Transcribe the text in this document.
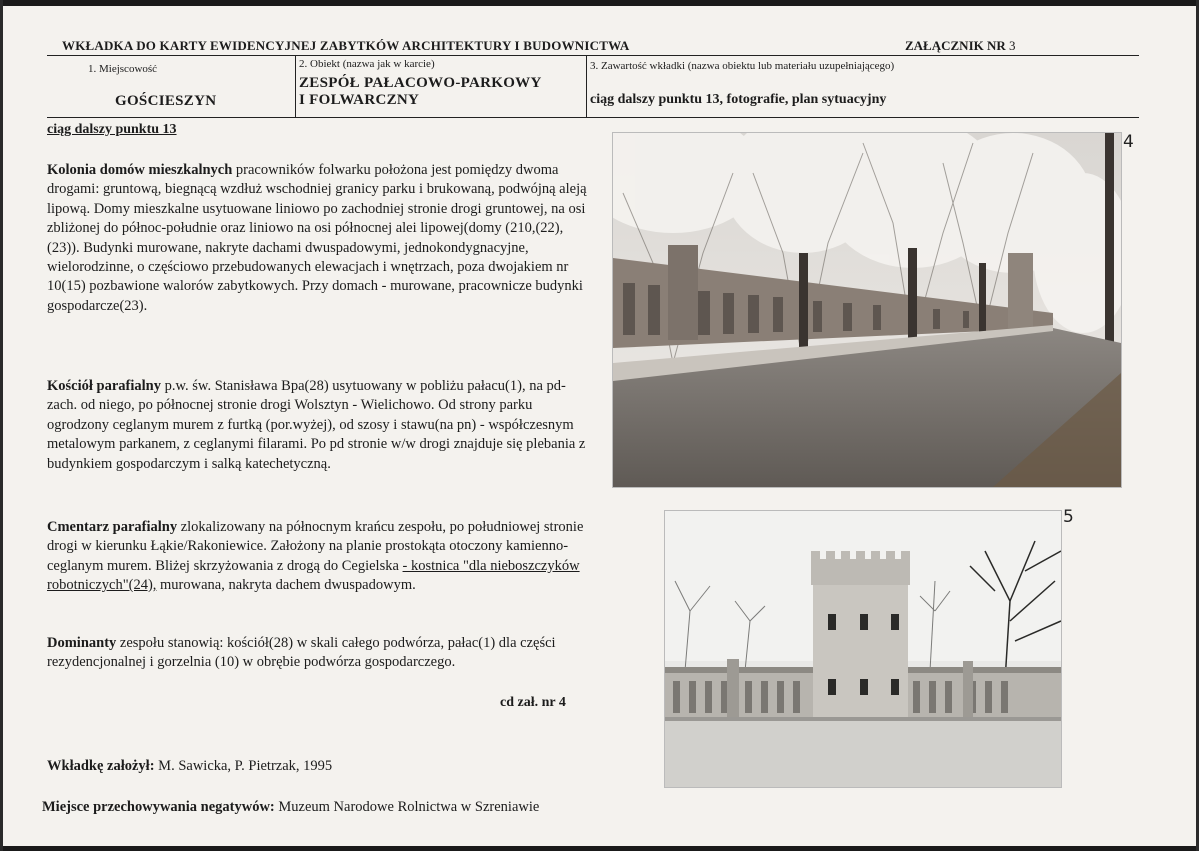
WKŁADKA DO KARTY EWIDENCYJNEJ ZABYTKÓW ARCHITEKTURY I BUDOWNICTWA	ZAŁĄCZNIK NR 3
1. Miejscowość
GOŚCIESZYN
2. Obiekt (nazwa jak w karcie)
ZESPÓŁ PAŁACOWO-PARKOWY
I FOLWARCZNY
3. Zawartość wkładki (nazwa obiektu lub materiału uzupełniającego)
ciąg dalszy punktu 13, fotografie, plan sytuacyjny
ciąg dalszy punktu 13
Kolonia domów mieszkalnych pracowników folwarku położona jest pomiędzy dwoma drogami: gruntową, biegnącą wzdłuż wschodniej granicy parku i brukowaną, podwójną aleją lipową. Domy mieszkalne usytuowane liniowo po zachodniej stronie drogi gruntowej, na osi zbliżonej do północ-południe oraz liniowo na osi północnej alei lipowej(domy (210,(22),(23)). Budynki murowane, nakryte dachami dwuspadowymi, jednokondygnacyjne, wielorodzinne, o częściowo przebudowanych elewacjach i wnętrzach, poza dwojakiem nr 10(15) pozbawione walorów zabytkowych. Przy domach - murowane, pracownicze budynki gospodarcze(23).
Kościół parafialny p.w. św. Stanisława Bpa(28) usytuowany w pobliżu pałacu(1), na pd-zach. od niego, po północnej stronie drogi Wolsztyn - Wielichowo. Od strony parku ogrodzony ceglanym murem z furtką (por.wyżej), od szosy i stawu(na pn) - współczesnym metalowym parkanem, z ceglanymi filarami. Po pd stronie w/w drogi znajduje się plebania z budynkiem gospodarczym i salką katechetyczną.
Cmentarz parafialny zlokalizowany na północnym krańcu zespołu, po południowej stronie drogi w kierunku Łąkie/Rakoniewice. Założony na planie prostokąta otoczony kamienno-ceglanym murem. Bliżej skrzyżowania z drogą do Cegielska - kostnica "dla nieboszczyków robotniczych"(24), murowana, nakryta dachem dwuspadowym.
Dominanty zespołu stanowią: kościół(28) w skali całego podwórza, pałac(1) dla części rezydencjonalnej i gorzelnia (10) w obrębie podwórza gospodarczego.
cd zał. nr 4
Wkładkę założył: M. Sawicka, P. Pietrzak, 1995
Miejsce przechowywania negatywów: Muzeum Narodowe Rolnictwa w Szreniawie
4
5
